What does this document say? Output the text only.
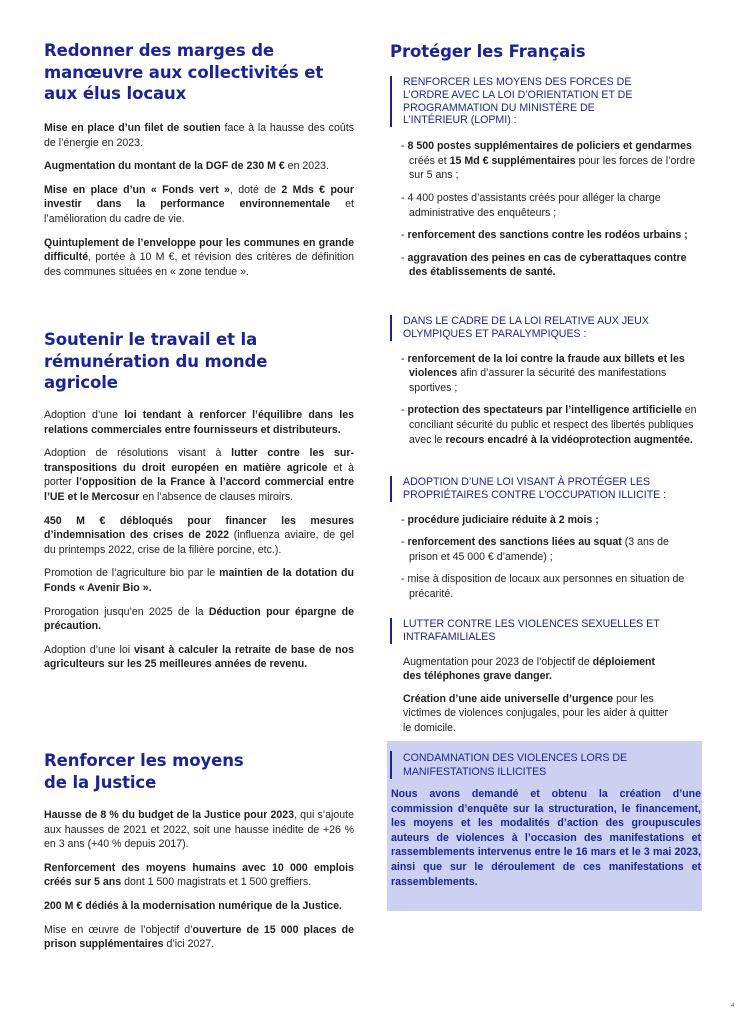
Redonner des marges de manœuvre aux collectivités et aux élus locaux

Mise en place d’un filet de soutien face à la hausse des coûts de l’énergie en 2023.

Augmentation du montant de la DGF de 230 M € en 2023.

Mise en place d’un « Fonds vert », doté de 2 Mds € pour investir dans la performance environnementale et l’amélioration du cadre de vie.

Quintuplement de l’enveloppe pour les communes en grande difficulté, portée à 10 M €, et révision des critères de définition des communes situées en « zone tendue ».

Soutenir le travail et la rémunération du monde agricole

Adoption d’une loi tendant à renforcer l’équilibre dans les relations commerciales entre fournisseurs et distributeurs.

Adoption de résolutions visant à lutter contre les sur-transpositions du droit européen en matière agricole et à porter l’opposition de la France à l’accord commercial entre l’UE et le Mercosur en l’absence de clauses miroirs.

450 M € débloqués pour financer les mesures d’indemnisation des crises de 2022 (influenza aviaire, de gel du printemps 2022, crise de la filière porcine, etc.).

Promotion de l’agriculture bio par le maintien de la dotation du Fonds « Avenir Bio ».

Prorogation jusqu’en 2025 de la Déduction pour épargne de précaution.

Adoption d’une loi visant à calculer la retraite de base de nos agriculteurs sur les 25 meilleures années de revenu.

Renforcer les moyens de la Justice

Hausse de 8 % du budget de la Justice pour 2023, qui s’ajoute aux hausses de 2021 et 2022, soit une hausse inédite de +26 % en 3 ans (+40 % depuis 2017).

Renforcement des moyens humains avec 10 000 emplois créés sur 5 ans dont 1 500 magistrats et 1 500 greffiers.

200 M € dédiés à la modernisation numérique de la Justice.

Mise en œuvre de l’objectif d’ouverture de 15 000 places de prison supplémentaires d’ici 2027.

Protéger les Français
RENFORCER LES MOYENS DES FORCES DE L’ORDRE AVEC LA LOI D’ORIENTATION ET DE PROGRAMMATION DU MINISTÈRE DE L’INTÉRIEUR (LOPMI) :
- 8 500 postes supplémentaires de policiers et gendarmes créés et 15 Md € supplémentaires pour les forces de l’ordre sur 5 ans ;
- 4 400 postes d’assistants créés pour alléger la charge administrative des enquêteurs ;
- renforcement des sanctions contre les rodéos urbains ;
- aggravation des peines en cas de cyberattaques contre des établissements de santé.
DANS LE CADRE DE LA LOI RELATIVE AUX JEUX OLYMPIQUES ET PARALYMPIQUES :
- renforcement de la loi contre la fraude aux billets et les violences afin d’assurer la sécurité des manifestations sportives ;
- protection des spectateurs par l’intelligence artificielle en conciliant sécurité du public et respect des libertés publiques avec le recours encadré à la vidéoprotection augmentée.
ADOPTION D’UNE LOI VISANT À PROTÉGER LES PROPRIÉTAIRES CONTRE L’OCCUPATION ILLICITE :
- procédure judiciaire réduite à 2 mois ;
- renforcement des sanctions liées au squat (3 ans de prison et 45 000 € d’amende) ;
- mise à disposition de locaux aux personnes en situation de précarité.
LUTTER CONTRE LES VIOLENCES SEXUELLES ET INTRAFAMILIALES

Augmentation pour 2023 de l’objectif de déploiement des téléphones grave danger.

Création d’une aide universelle d’urgence pour les victimes de violences conjugales, pour les aider à quitter le domicile.

CONDAMNATION DES VIOLENCES LORS DE MANIFESTATIONS ILLICITES

Nous avons demandé et obtenu la création d’une commission d’enquête sur la structuration, le financement, les moyens et les modalités d’action des groupuscules auteurs de violences à l’occasion des manifestations et rassemblements intervenus entre le 16 mars et le 3 mai 2023, ainsi que sur le déroulement de ces manifestations et rassemblements.

4
